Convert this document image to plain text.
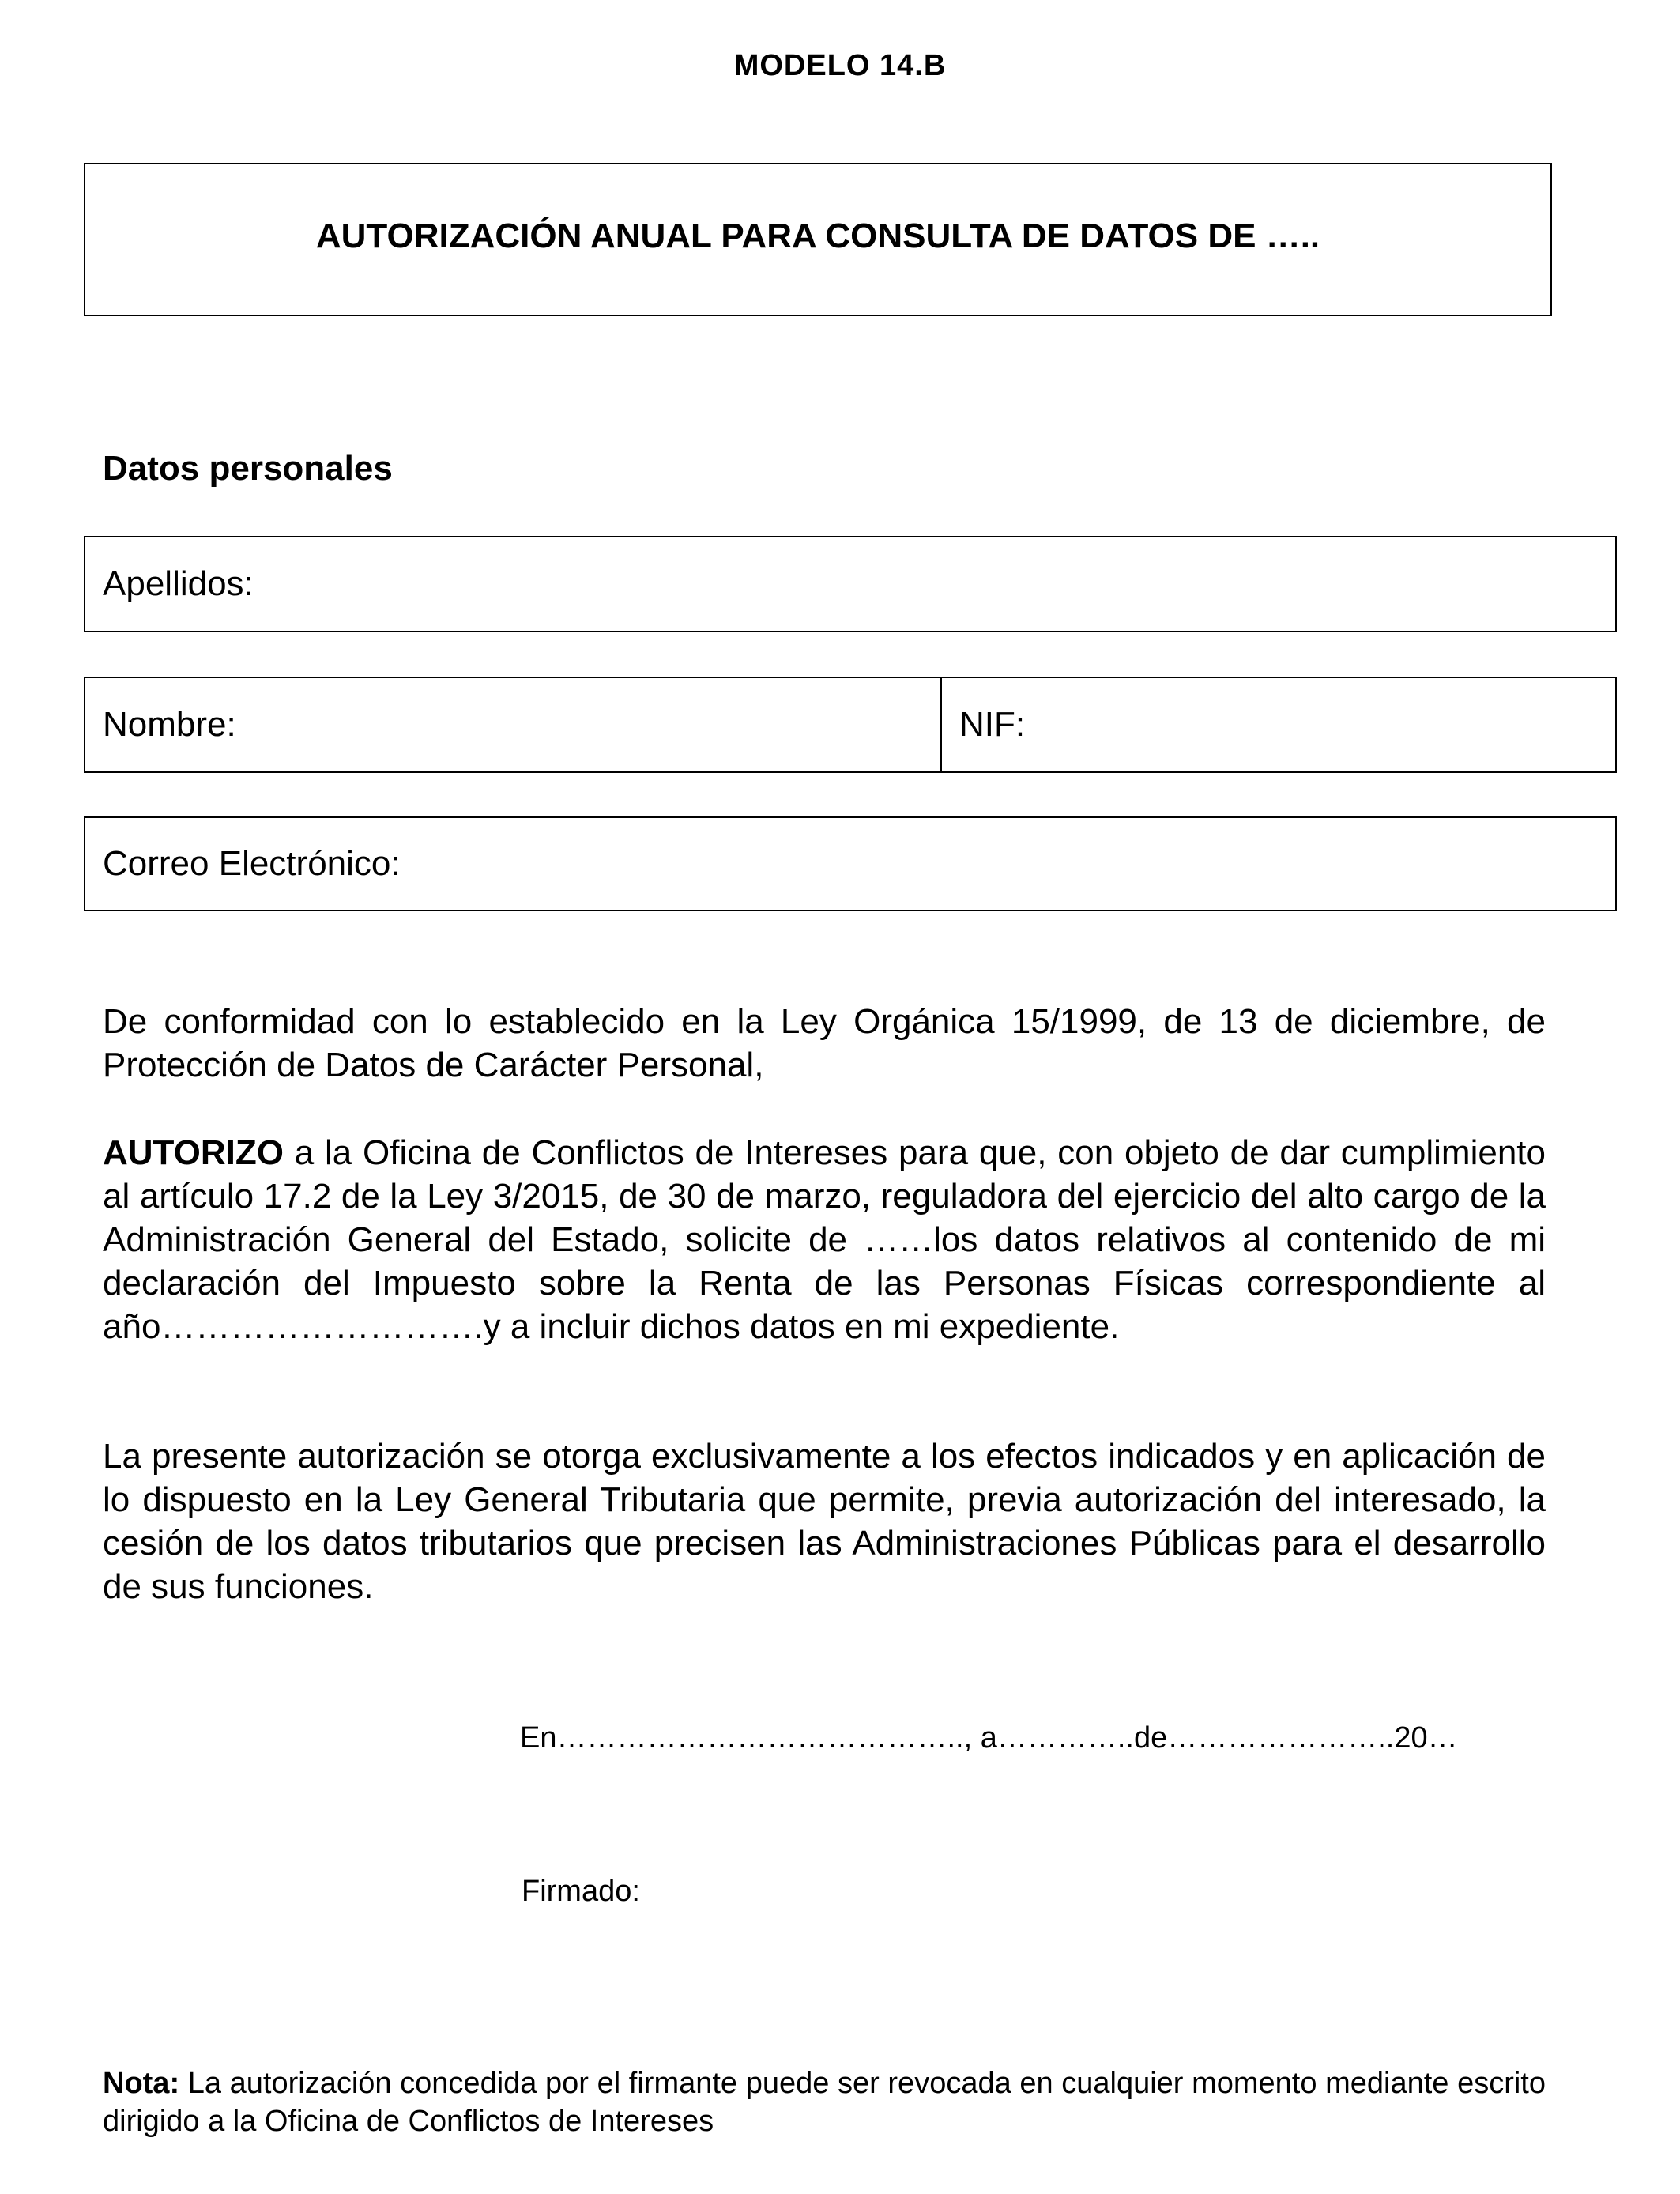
MODELO 14.B
AUTORIZACIÓN ANUAL PARA CONSULTA DE DATOS DE …..
Datos personales
Apellidos:
Nombre:	NIF:
Correo Electrónico:
De conformidad con lo establecido en la Ley Orgánica 15/1999, de 13 de diciembre, de Protección de Datos de Carácter Personal,
AUTORIZO a la Oficina de Conflictos de Intereses para que, con objeto de dar cumplimiento al artículo 17.2 de la Ley 3/2015, de 30 de marzo, reguladora del ejercicio del alto cargo de la Administración General del Estado, solicite de ……los datos relativos al contenido de mi declaración del Impuesto sobre la Renta de las Personas Físicas correspondiente al año……………………….y a incluir dichos datos en mi expediente.
La presente autorización se otorga exclusivamente a los efectos indicados y en aplicación de lo dispuesto en la Ley General Tributaria que permite, previa autorización del interesado, la cesión de los datos tributarios que precisen las Administraciones Públicas para el desarrollo de sus funciones.
En………………………………….., a…………..de…………………..20…
Firmado:
Nota: La autorización concedida por el firmante puede ser revocada en cualquier momento mediante escrito dirigido a la Oficina de Conflictos de Intereses
